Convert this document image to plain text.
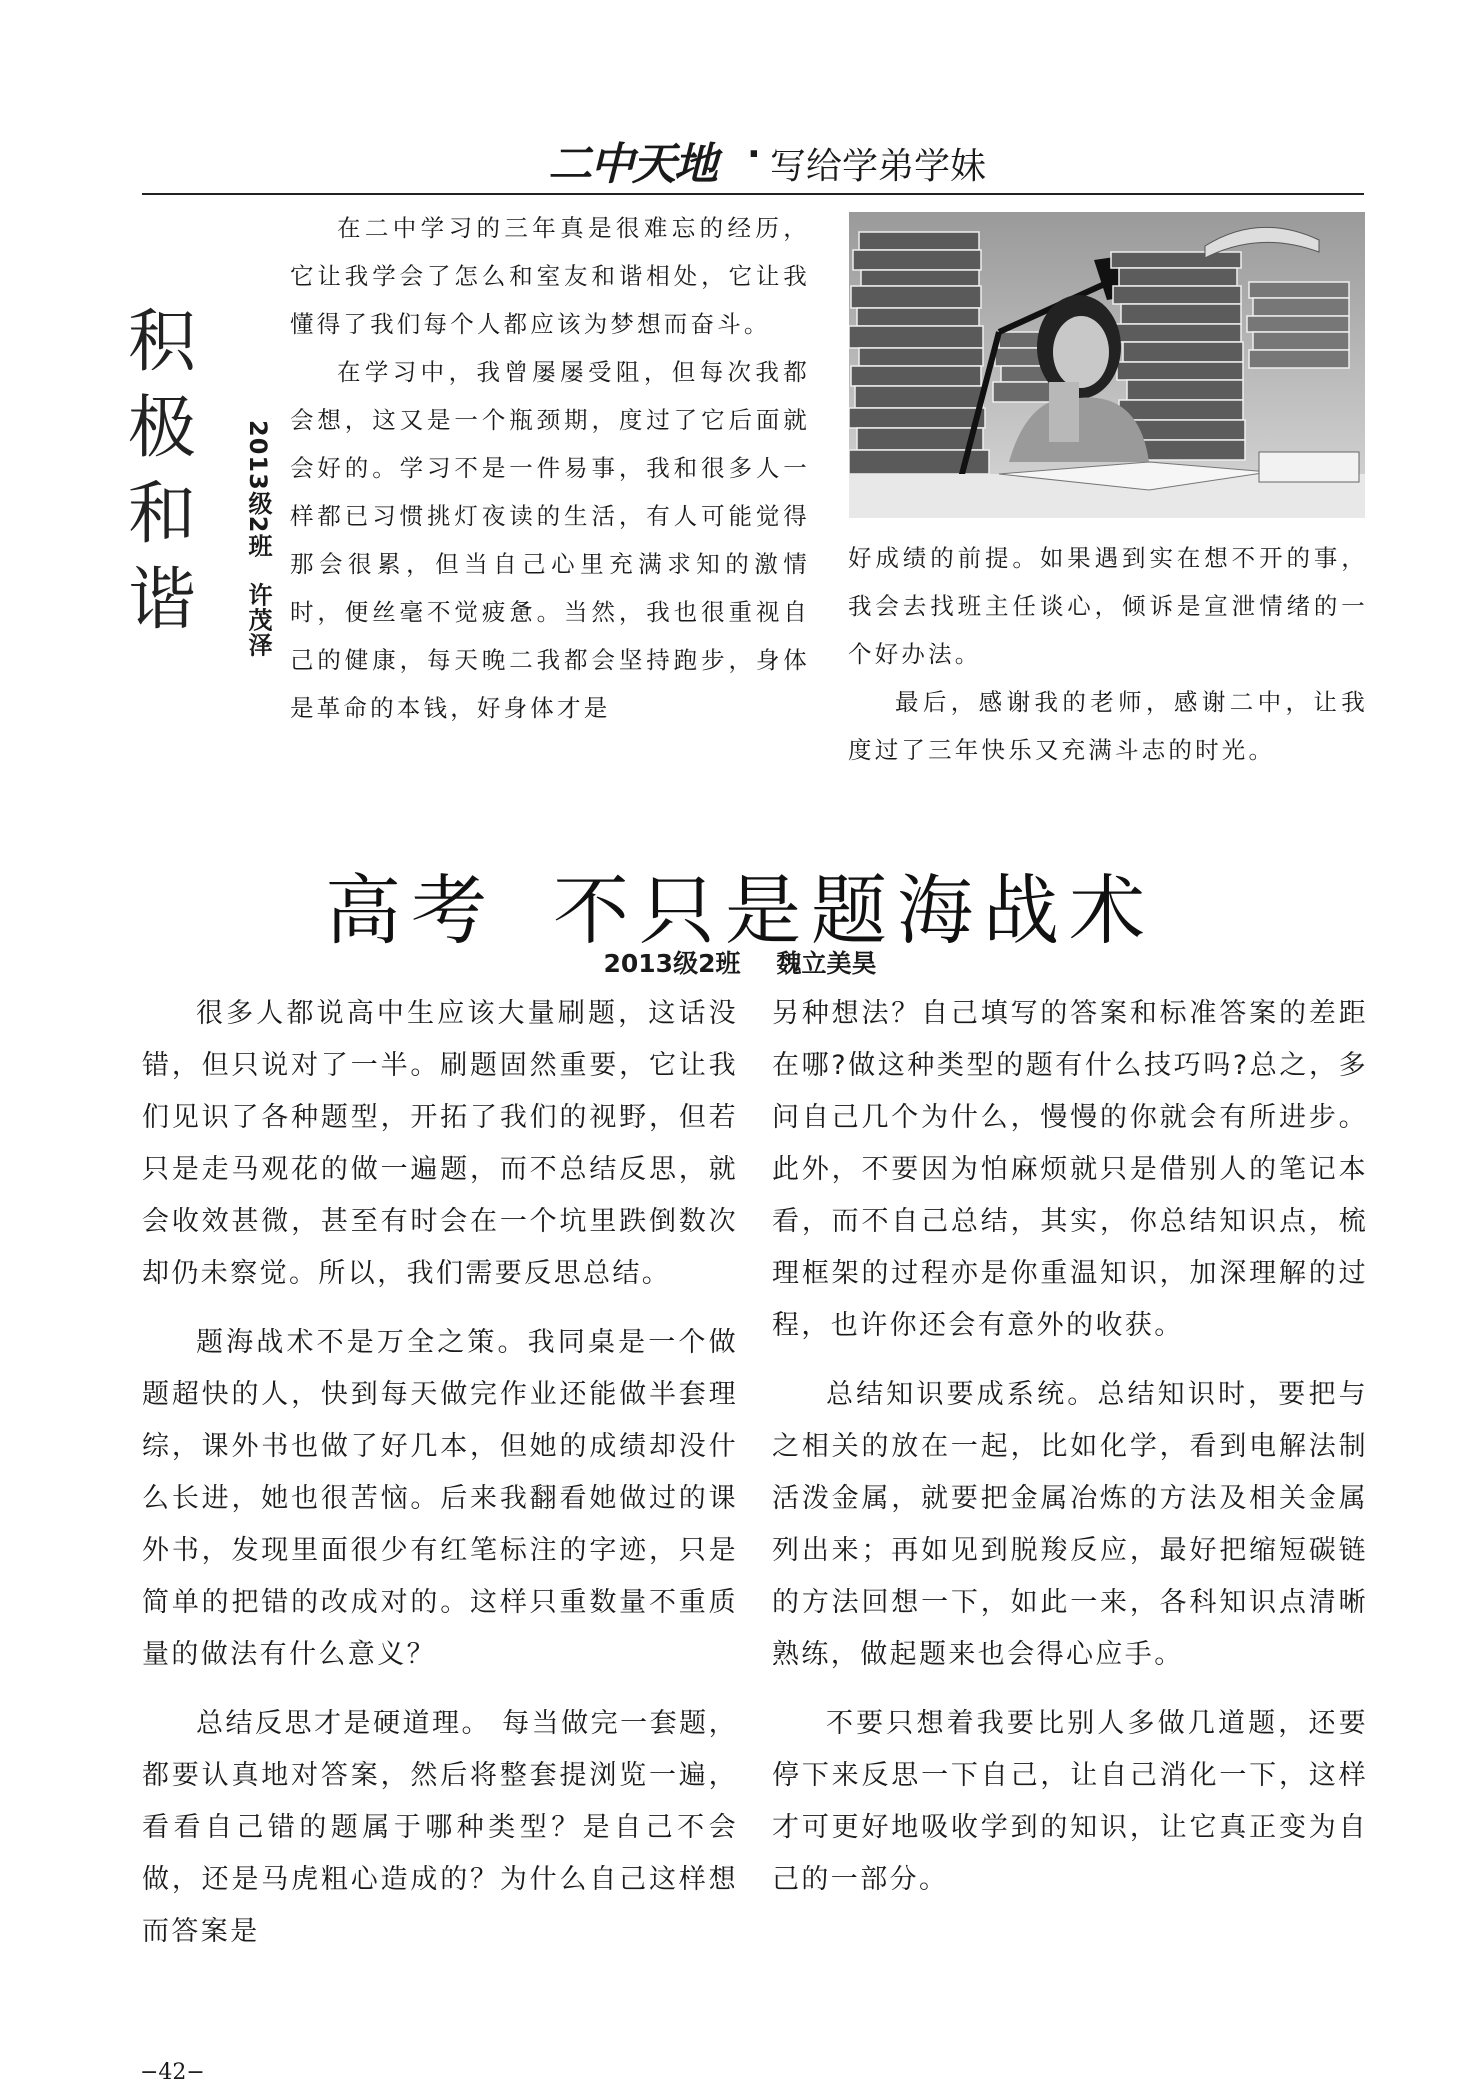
二中天地 · 写给学弟学妹
积
极
和
谐
2013级2班许茂泽

在二中学习的三年真是很难忘的经历，它让我学会了怎么和室友和谐相处，它让我懂得了我们每个人都应该为梦想而奋斗。

在学习中，我曾屡屡受阻，但每次我都会想，这又是一个瓶颈期，度过了它后面就会好的。学习不是一件易事，我和很多人一样都已习惯挑灯夜读的生活，有人可能觉得那会很累，但当自己心里充满求知的激情时，便丝毫不觉疲惫。当然，我也很重视自己的健康，每天晚二我都会坚持跑步，身体是革命的本钱，好身体才是

好成绩的前提。如果遇到实在想不开的事，我会去找班主任谈心，倾诉是宣泄情绪的一个好办法。

最后，感谢我的老师，感谢二中，让我度过了三年快乐又充满斗志的时光。

高考 不只是题海战术
2013级2班 魏立美昊

很多人都说高中生应该大量刷题，这话没错，但只说对了一半。刷题固然重要，它让我们见识了各种题型，开拓了我们的视野，但若只是走马观花的做一遍题，而不总结反思，就会收效甚微，甚至有时会在一个坑里跌倒数次却仍未察觉。所以，我们需要反思总结。

题海战术不是万全之策。我同桌是一个做题超快的人，快到每天做完作业还能做半套理综，课外书也做了好几本，但她的成绩却没什么长进，她也很苦恼。后来我翻看她做过的课外书，发现里面很少有红笔标注的字迹，只是简单的把错的改成对的。这样只重数量不重质量的做法有什么意义？

总结反思才是硬道理。 每当做完一套题，都要认真地对答案，然后将整套提浏览一遍，看看自己错的题属于哪种类型？是自己不会做，还是马虎粗心造成的？为什么自己这样想而答案是

另种想法？自己填写的答案和标准答案的差距在哪?做这种类型的题有什么技巧吗?总之，多问自己几个为什么，慢慢的你就会有所进步。此外，不要因为怕麻烦就只是借别人的笔记本看，而不自己总结，其实，你总结知识点，梳理框架的过程亦是你重温知识，加深理解的过程，也许你还会有意外的收获。

总结知识要成系统。总结知识时，要把与之相关的放在一起，比如化学，看到电解法制活泼金属，就要把金属冶炼的方法及相关金属列出来；再如见到脱羧反应，最好把缩短碳链的方法回想一下，如此一来，各科知识点清晰熟练，做起题来也会得心应手。

不要只想着我要比别人多做几道题，还要停下来反思一下自己，让自己消化一下，这样才可更好地吸收学到的知识，让它真正变为自己的一部分。

−42−
